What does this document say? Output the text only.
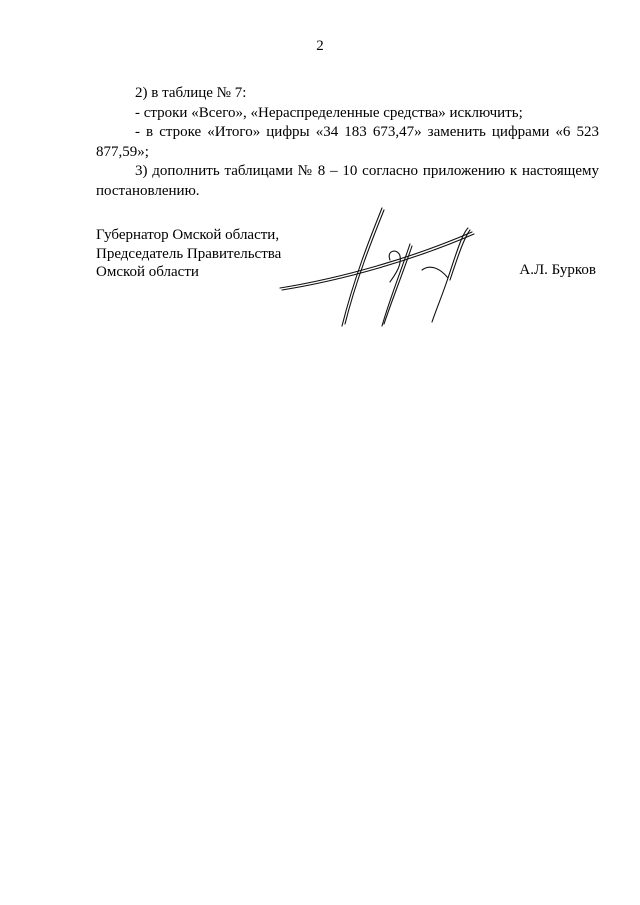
2

2) в таблице № 7:

- строки «Всего», «Нераспределенные средства» исключить;

- в строке «Итого» цифры «34 183 673,47» заменить цифрами «6 523 877,59»;

3) дополнить таблицами № 8 – 10 согласно приложению к настоящему постановлению.

Губернатор Омской области,
Председатель Правительства
Омской области	А.Л. Бурков
